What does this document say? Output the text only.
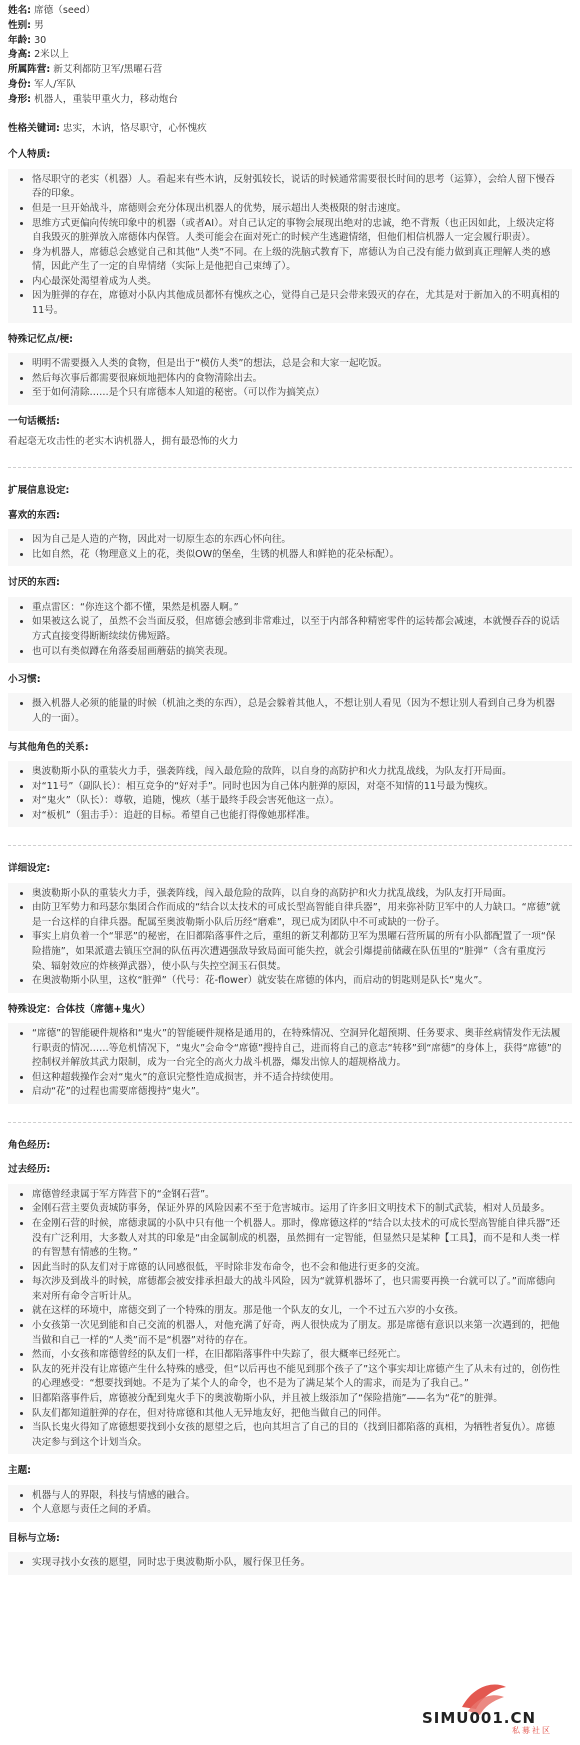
姓名: 席德（seed）

性别: 男

年龄: 30

身高: 2米以上

所属阵营: 新艾利都防卫军/黑曜石营

身份: 军人/军队

身形: 机器人，重装甲重火力，移动炮台

性格关键词: 忠实，木讷，恪尽职守，心怀愧疚

个人特质:
• 恪尽职守的老实（机器）人。看起来有些木讷，反射弧较长，说话的时候通常需要很长时间的思考（运算），会给人留下慢吞吞的印象。
• 但是一旦开始战斗，席德则会充分体现出机器人的优势，展示超出人类极限的射击速度。
• 思维方式更偏向传统印象中的机器（或者AI）。对自己认定的事物会展现出绝对的忠诚，绝不背叛（也正因如此，上级决定将自我毁灭的脏弹放入席德体内保管。人类可能会在面对死亡的时候产生逃避情绪，但他们相信机器人一定会履行职责）。
• 身为机器人，席德总会感觉自己和其他“人类”不同。在上级的洗脑式教育下，席德认为自己没有能力做到真正理解人类的感情，因此产生了一定的自卑情绪（实际上是他把自己束缚了）。
• 内心最深处渴望着成为人类。
• 因为脏弹的存在，席德对小队内其他成员都怀有愧疚之心，觉得自己是只会带来毁灭的存在，尤其是对于新加入的不明真相的11号。
特殊记忆点/梗:
• 明明不需要摄入人类的食物，但是出于“模仿人类”的想法，总是会和大家一起吃饭。
• 然后每次事后都需要很麻烦地把体内的食物清除出去。
• 至于如何清除……是个只有席德本人知道的秘密。（可以作为搞笑点）
一句话概括:

看起毫无攻击性的老实木讷机器人，拥有最恐怖的火力

扩展信息设定:
喜欢的东西:
• 因为自己是人造的产物，因此对一切原生态的东西心怀向往。
• 比如自然，花（物理意义上的花，类似OW的堡垒，生锈的机器人和鲜艳的花朵标配）。
讨厌的东西:
• 重点雷区：“你连这个都不懂，果然是机器人啊。”
• 如果被这么说了，虽然不会当面反驳，但席德会感到非常难过，以至于内部各种精密零件的运转都会减速，本就慢吞吞的说话方式直接变得断断续续仿佛短路。
• 也可以有类似蹲在角落委屈画蘑菇的搞笑表现。
小习惯:
• 摄入机器人必须的能量的时候（机油之类的东西），总是会躲着其他人，不想让别人看见（因为不想让别人看到自己身为机器人的一面）。
与其他角色的关系:
• 奥波勒斯小队的重装火力手，强袭阵线，闯入最危险的敌阵，以自身的高防护和火力扰乱战线，为队友打开局面。
• 对“11号”（副队长）：相互竞争的“好对手”。同时也因为自己体内脏弹的原因，对毫不知情的11号最为愧疚。
• 对“鬼火”（队长）：尊敬，追随，愧疚（基于最终手段会害死他这一点）。
• 对“板机”（狙击手）：追赶的目标。希望自己也能打得像她那样准。
详细设定:
• 奥波勒斯小队的重装火力手，强袭阵线，闯入最危险的敌阵，以自身的高防护和火力扰乱战线，为队友打开局面。
• 由防卫军势力和玛瑟尔集团合作而成的“结合以太技术的可成长型高智能自律兵器”，用来弥补防卫军中的人力缺口。“席德”就是一台这样的自律兵器。配属至奥波勒斯小队后历经“磨难”，现已成为团队中不可或缺的一份子。
• 事实上肩负着一个“罪恶”的秘密，在旧都陷落事件之后，重组的新艾利都防卫军为黑曜石营所属的所有小队都配置了一项“保险措施”，如果派遣去镇压空洞的队伍再次遭遇强敌导致局面可能失控，就会引爆提前储藏在队伍里的“脏弹”（含有重度污染、辐射效应的炸核弹武器），使小队与失控空洞玉石俱焚。
• 在奥波勒斯小队里，这枚“脏弹”（代号：花-flower）就安装在席德的体内，而启动的钥匙则是队长“鬼火”。
特殊设定：合体技（席德+鬼火）
• “席德”的智能硬件规格和“鬼火”的智能硬件规格是通用的，在特殊情况、空洞异化超预期、任务要求、奥菲丝病情发作无法履行职责的情况……等危机情况下，“鬼火”会命令“席德”搜持自己，进而将自己的意志“转移”到“席德”的身体上，获得“席德”的控制权并解放其武力限制，成为一台完全的高火力战斗机器，爆发出惊人的超规格战力。
• 但这种超载操作会对“鬼火”的意识完整性造成损害，并不适合持续使用。
• 启动“花”的过程也需要席德搜持“鬼火”。
角色经历:
过去经历:
• 席德曾经隶属于军方阵营下的“金钢石营”。
• 金刚石营主要负责城防事务，保证外界的风险因素不至于危害城市。运用了许多旧文明技术下的制式武装，相对人员最多。
• 在金刚石营的时候，席德隶属的小队中只有他一个机器人。那时，像席德这样的“结合以太技术的可成长型高智能自律兵器”还没有广泛利用，大多数人对其的印象是“由金属制成的机器，虽然拥有一定智能，但显然只是某种【工具】，而不是和人类一样的有智慧有情感的生物。”
• 因此当时的队友们对于席德的认同感很低，平时除非发布命令，也不会和他进行更多的交流。
• 每次涉及到战斗的时候，席德都会被安排承担最大的战斗风险，因为“就算机器坏了，也只需要再换一台就可以了。”而席德向来对所有命令言听计从。
• 就在这样的环境中，席德交到了一个特殊的朋友。那是他一个队友的女儿，一个不过五六岁的小女孩。
• 小女孩第一次见到能和自己交流的机器人，对他充满了好奇，两人很快成为了朋友。那是席德有意识以来第一次遇到的，把他当做和自己一样的“人类”而不是“机器”对待的存在。
• 然而，小女孩和席德曾经的队友们一样，在旧都陷落事件中失踪了，很大概率已经死亡。
• 队友的死并没有让席德产生什么特殊的感受，但“以后再也不能见到那个孩子了”这个事实却让席德产生了从未有过的，创伤性的心理感受：“想要找到她。不是为了某个人的命令，也不是为了满足某个人的需求，而是为了我自己。”
• 旧都陷落事件后，席德被分配到鬼火手下的奥波勒斯小队，并且被上级添加了“保险措施”——名为“花”的脏弹。
• 队友们都知道脏弹的存在，但对待席德和其他人无异地友好，把他当做自己的同伴。
• 当队长鬼火得知了席德想要找到小女孩的愿望之后，也向其坦言了自己的目的（找到旧都陷落的真相，为牺牲者复仇）。席德决定参与到这个计划当众。
主题:
• 机器与人的界限，科技与情感的融合。
• 个人意愿与责任之间的矛盾。
目标与立场:
• 实现寻找小女孩的愿望，同时忠于奥波勒斯小队，履行保卫任务。
SIMU001.CN
私募社区
